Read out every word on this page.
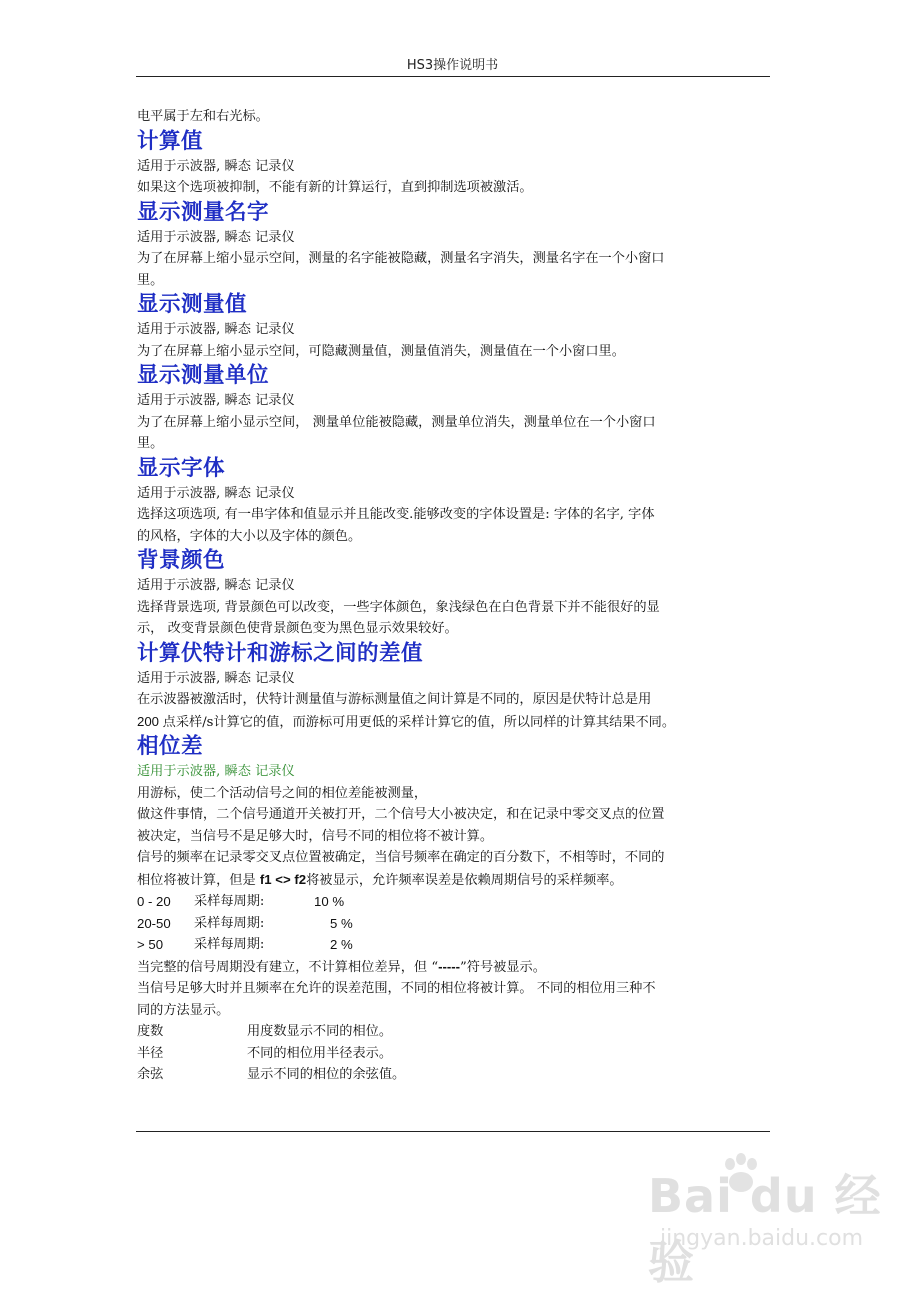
HS3操作说明书

电平属于左和右光标。

计算值

适用于示波器, 瞬态 记录仪

如果这个选项被抑制，不能有新的计算运行，直到抑制选项被激活。

显示测量名字

适用于示波器, 瞬态 记录仪

为了在屏幕上缩小显示空间，测量的名字能被隐藏，测量名字消失，测量名字在一个小窗口

里。

显示测量值

适用于示波器, 瞬态 记录仪

为了在屏幕上缩小显示空间，可隐藏测量值，测量值消失，测量值在一个小窗口里。

显示测量单位

适用于示波器, 瞬态 记录仪

为了在屏幕上缩小显示空间， 测量单位能被隐藏，测量单位消失，测量单位在一个小窗口

里。

显示字体

适用于示波器, 瞬态 记录仪

选择这项选项, 有一串字体和值显示并且能改变.能够改变的字体设置是: 字体的名字, 字体

的风格，字体的大小以及字体的颜色。

背景颜色

适用于示波器, 瞬态 记录仪

选择背景选项, 背景颜色可以改变，一些字体颜色，象浅绿色在白色背景下并不能很好的显

示， 改变背景颜色使背景颜色变为黑色显示效果较好。

计算伏特计和游标之间的差值

适用于示波器, 瞬态 记录仪

在示波器被激活时，伏特计测量值与游标测量值之间计算是不同的，原因是伏特计总是用

200 点采样/s计算它的值，而游标可用更低的采样计算它的值，所以同样的计算其结果不同。

相位差

适用于示波器, 瞬态 记录仪

用游标，使二个活动信号之间的相位差能被测量，

做这件事情，二个信号通道开关被打开，二个信号大小被决定，和在记录中零交叉点的位置

被决定，当信号不是足够大时，信号不同的相位将不被计算。

信号的频率在记录零交叉点位置被确定，当信号频率在确定的百分数下，不相等时，不同的

相位将被计算，但是 f1 <> f2将被显示，允许频率误差是依赖周期信号的采样频率。

0 - 20	采样每周期:	10 %
20-50	采样每周期:	5 %
> 50	采样每周期:	2 %

当完整的信号周期没有建立，不计算相位差异，但 “-----”符号被显示。

当信号足够大时并且频率在允许的误差范围，不同的相位将被计算。 不同的相位用三种不

同的方法显示。

度数	用度数显示不同的相位。
半径	不同的相位用半径表示。
余弦	显示不同的相位的余弦值。
Bai du 经验
jingyan.baidu.com
